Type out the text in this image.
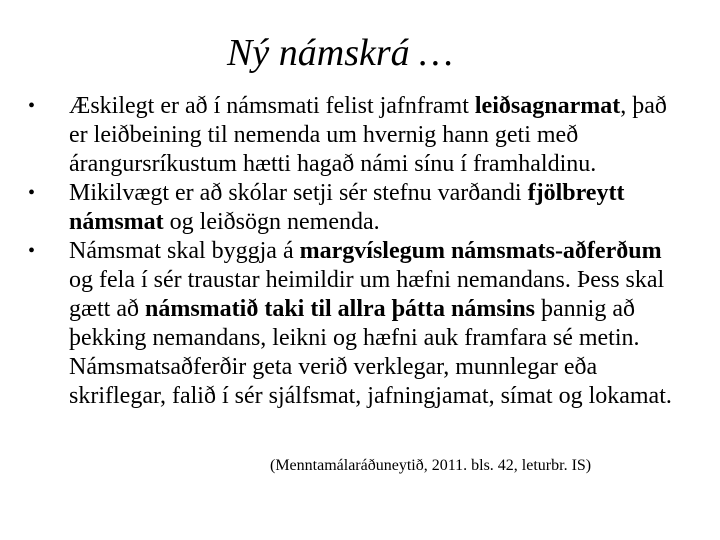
Ný námskrá …
• Æskilegt er að í námsmati felist jafnframt leiðsagnarmat, það er leiðbeining til nemenda um hvernig hann geti með árangursríkustum hætti hagað námi sínu í framhaldinu.
• Mikilvægt er að skólar setji sér stefnu varðandi fjölbreytt námsmat og leiðsögn nemenda.
• Námsmat skal byggja á margvíslegum námsmats-aðferðum og fela í sér traustar heimildir um hæfni nemandans. Þess skal gætt að námsmatið taki til allra þátta námsins þannig að þekking nemandans, leikni og hæfni auk framfara sé metin. Námsmatsaðferðir geta verið verklegar, munnlegar eða skriflegar, falið í sér sjálfsmat, jafningjamat, símat og lokamat.
(Menntamálaráðuneytið, 2011. bls. 42, leturbr. IS)
